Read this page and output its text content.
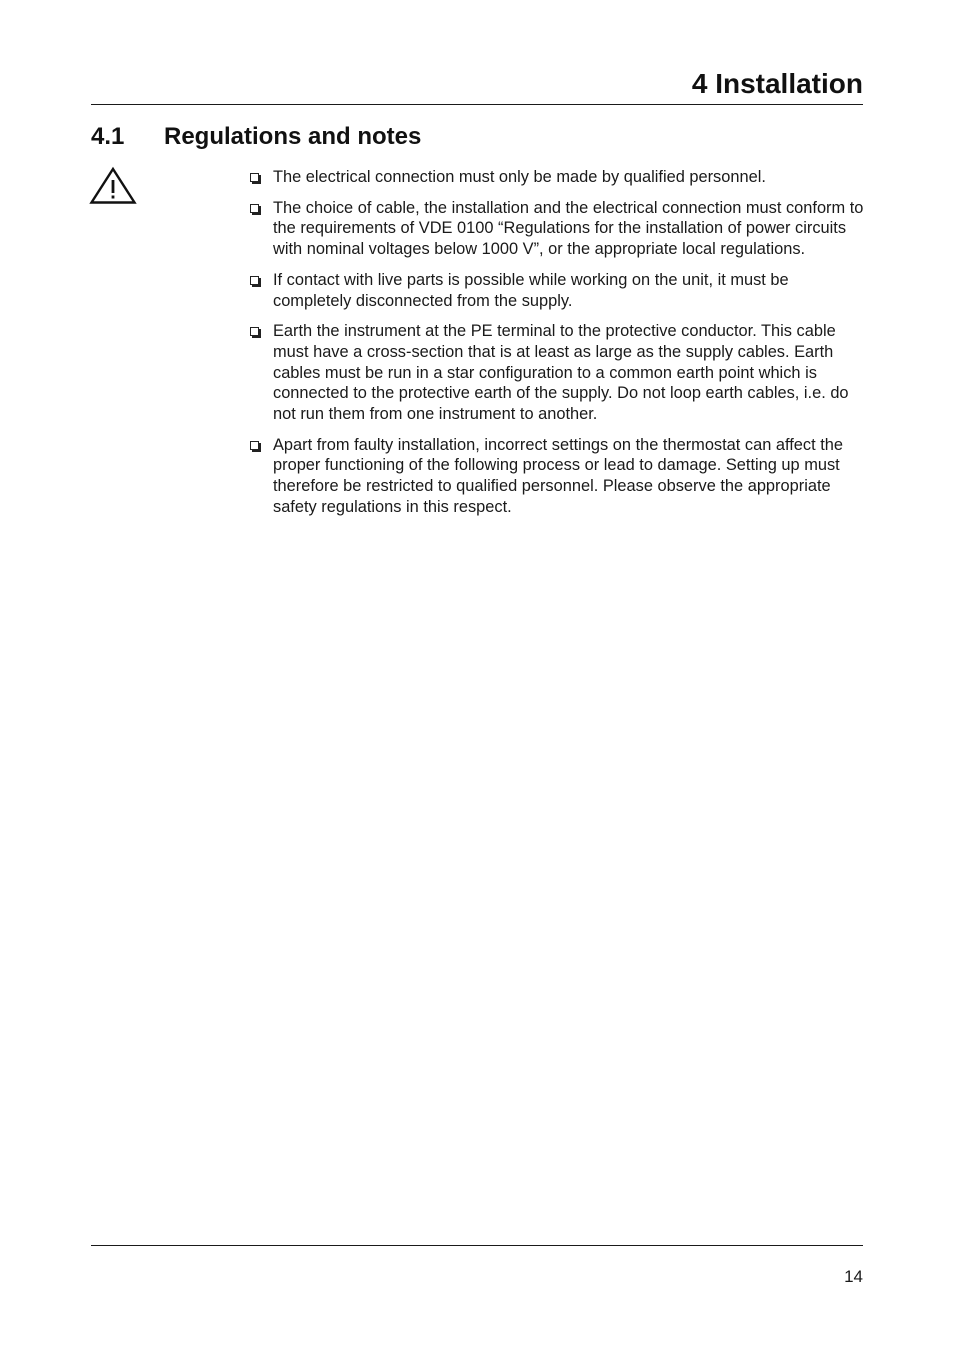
4 Installation
4.1 Regulations and notes
The electrical connection must only be made by qualified personnel.
The choice of cable, the installation and the electrical connection must conform to the requirements of VDE 0100 “Regulations for the installation of power circuits with nominal voltages below 1000 V”, or the appropriate local regulations.
If contact with live parts is possible while working on the unit, it must be completely disconnected from the supply.
Earth the instrument at the PE terminal to the protective conductor. This cable must have a cross-section that is at least as large as the supply cables. Earth cables must be run in a star configuration to a common earth point which is connected to the protective earth of the supply. Do not loop earth cables, i.e. do not run them from one instrument to another.
Apart from faulty installation, incorrect settings on the thermostat can affect the proper functioning of the following process or lead to damage. Setting up must therefore be restricted to qualified personnel. Please observe the appropriate safety regulations in this respect.
14
